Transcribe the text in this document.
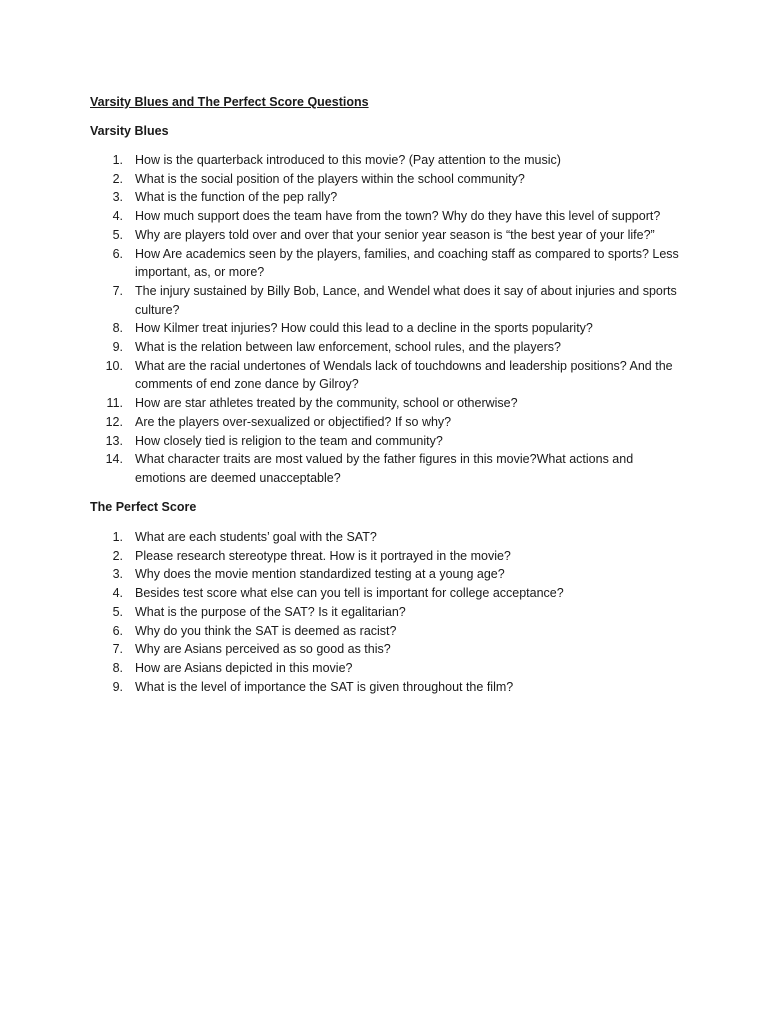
Varsity Blues and The Perfect Score Questions
Varsity Blues
1. How is the quarterback introduced to this movie? (Pay attention to the music)
2. What is the social position of the players within the school community?
3. What is the function of the pep rally?
4. How much support does the team have from the town? Why do they have this level of support?
5. Why are players told over and over that your senior year season is “the best year of your life?”
6. How Are academics seen by the players, families, and coaching staff as compared to sports? Less important, as, or more?
7. The injury sustained by Billy Bob, Lance, and Wendel what does it say of about injuries and sports culture?
8. How Kilmer treat injuries? How could this lead to a decline in the sports popularity?
9. What is the relation between law enforcement, school rules, and the players?
10. What are the racial undertones of Wendals lack of touchdowns and leadership positions? And the comments of end zone dance by Gilroy?
11. How are star athletes treated by the community, school or otherwise?
12. Are the players over-sexualized or objectified? If so why?
13. How closely tied is religion to the team and community?
14. What character traits are most valued by the father figures in this movie?What actions and emotions are deemed unacceptable?
The Perfect Score
1. What are each students’ goal with the SAT?
2. Please research stereotype threat. How is it portrayed in the movie?
3. Why does the movie mention standardized testing at a young age?
4. Besides test score what else can you tell is important for college acceptance?
5. What is the purpose of the SAT? Is it egalitarian?
6. Why do you think the SAT is deemed as racist?
7. Why are Asians perceived as so good as this?
8. How are Asians depicted in this movie?
9. What is the level of importance the SAT is given throughout the film?
